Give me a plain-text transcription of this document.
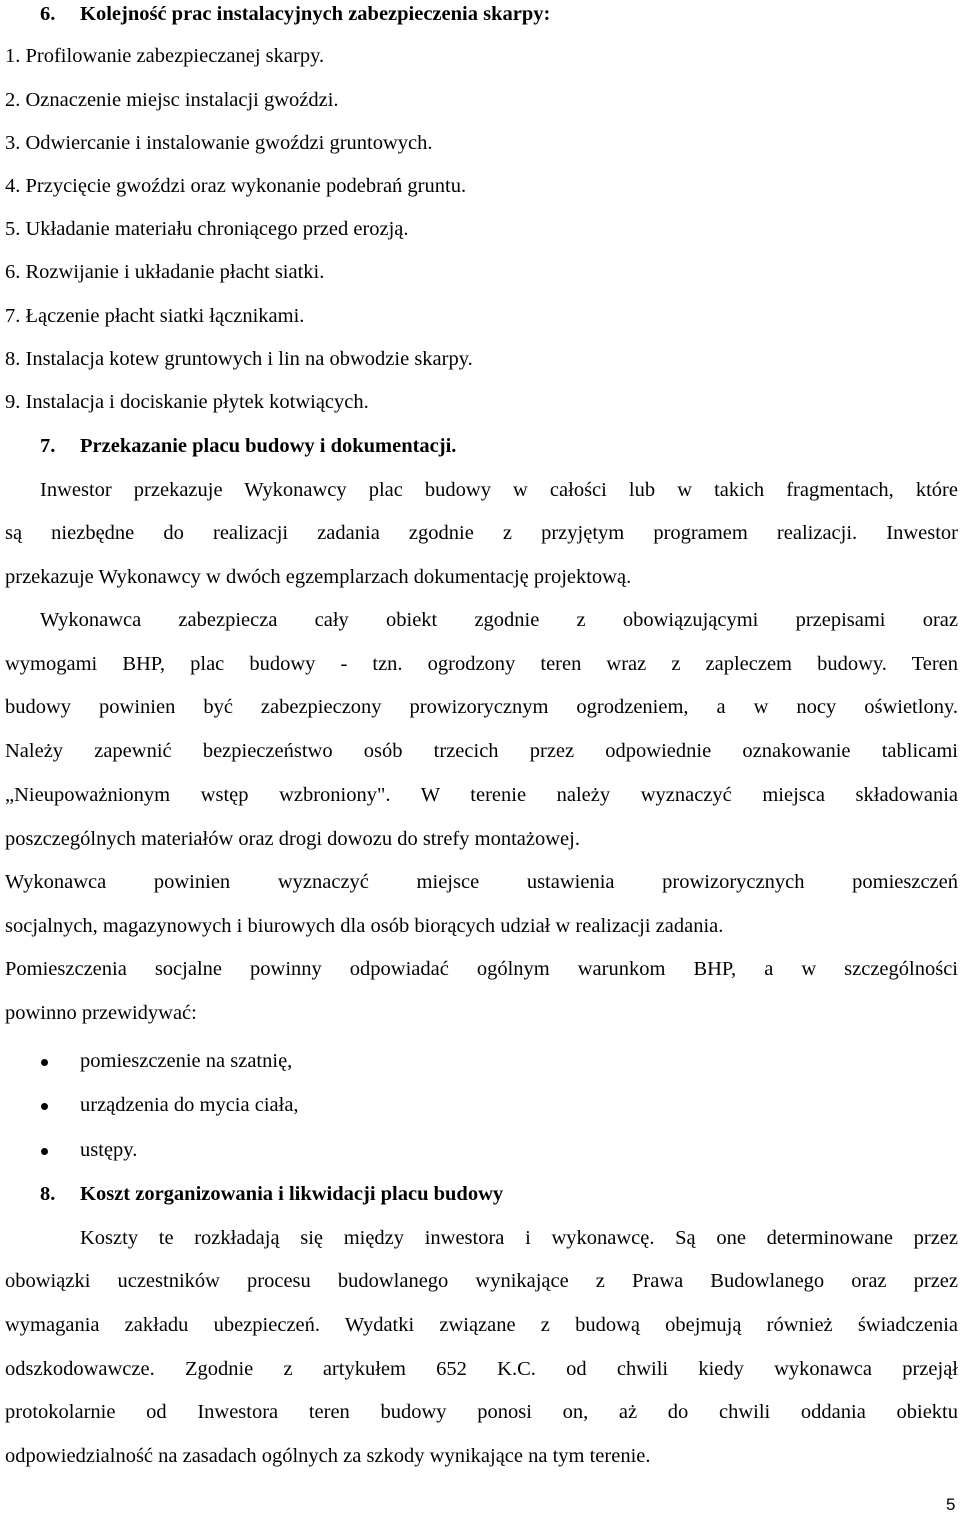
6. Kolejność prac instalacyjnych zabezpieczenia skarpy:
1. Profilowanie zabezpieczanej skarpy.
2. Oznaczenie miejsc instalacji gwoździ.
3. Odwiercanie i instalowanie gwoździ gruntowych.
4. Przycięcie gwoździ oraz wykonanie podebrań gruntu.
5. Układanie materiału chroniącego przed erozją.
6. Rozwijanie i układanie płacht siatki.
7. Łączenie płacht siatki łącznikami.
8. Instalacja kotew gruntowych i lin na obwodzie skarpy.
9. Instalacja i dociskanie płytek kotwiących.
7. Przekazanie placu budowy i dokumentacji.
Inwestor przekazuje Wykonawcy plac budowy w całości lub w takich fragmentach, które
są niezbędne do realizacji zadania zgodnie z przyjętym programem realizacji. Inwestor
przekazuje Wykonawcy w dwóch egzemplarzach dokumentację projektową.
Wykonawca zabezpiecza cały obiekt zgodnie z obowiązującymi przepisami oraz
wymogami BHP, plac budowy - tzn. ogrodzony teren wraz z zapleczem budowy. Teren
budowy powinien być zabezpieczony prowizorycznym ogrodzeniem, a w nocy oświetlony.
Należy zapewnić bezpieczeństwo osób trzecich przez odpowiednie oznakowanie tablicami
„Nieupoważnionym wstęp wzbroniony". W terenie należy wyznaczyć miejsca składowania
poszczególnych materiałów oraz drogi dowozu do strefy montażowej.
Wykonawca powinien wyznaczyć miejsce ustawienia prowizorycznych pomieszczeń
socjalnych, magazynowych i biurowych dla osób biorących udział w realizacji zadania.
Pomieszczenia socjalne powinny odpowiadać ogólnym warunkom BHP, a w szczególności
powinno przewidywać:
pomieszczenie na szatnię,
urządzenia do mycia ciała,
ustępy.
8. Koszt zorganizowania i likwidacji placu budowy
Koszty te rozkładają się między inwestora i wykonawcę. Są one determinowane przez
obowiązki uczestników procesu budowlanego wynikające z Prawa Budowlanego oraz przez
wymagania zakładu ubezpieczeń. Wydatki związane z budową obejmują również świadczenia
odszkodowawcze. Zgodnie z artykułem 652 K.C. od chwili kiedy wykonawca przejął
protokolarnie od Inwestora teren budowy ponosi on, aż do chwili oddania obiektu
odpowiedzialność na zasadach ogólnych za szkody wynikające na tym terenie.
5
